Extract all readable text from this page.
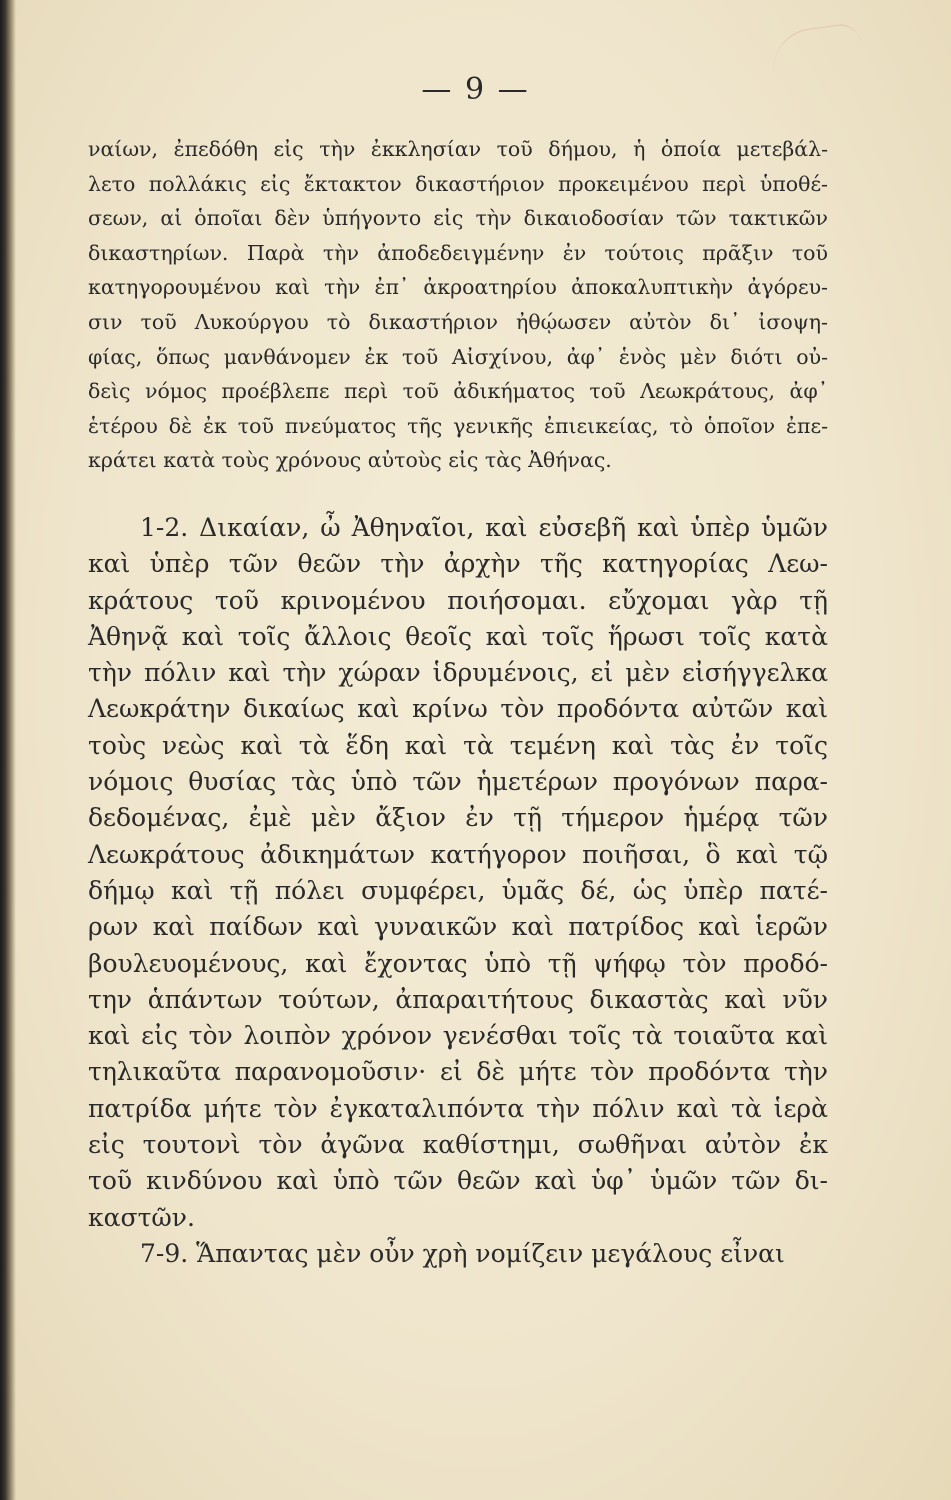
— 9 —
ναίων, ἐπεδόθη εἰς τὴν ἐκκλησίαν τοῦ δήμου, ἡ ὁποία μετεβάλ-
λετο πολλάκις εἰς ἔκτακτον δικαστήριον προκειμένου περὶ ὑποθέ-
σεων, αἱ ὁποῖαι δὲν ὑπήγοντο εἰς τὴν δικαιοδοσίαν τῶν τακτικῶν
δικαστηρίων. Παρὰ τὴν ἀποδεδειγμένην ἐν τούτοις πρᾶξιν τοῦ
κατηγορουμένου καὶ τὴν ἐπ᾽ ἀκροατηρίου ἀποκαλυπτικὴν ἀγόρευ-
σιν τοῦ Λυκούργου τὸ δικαστήριον ἠθῴωσεν αὐτὸν δι᾽ ἰσοψη-
φίας, ὅπως μανθάνομεν ἐκ τοῦ Αἰσχίνου, ἀφ᾽ ἑνὸς μὲν διότι οὐ-
δεὶς νόμος προέβλεπε περὶ τοῦ ἀδικήματος τοῦ Λεωκράτους, ἀφ᾽
ἑτέρου δὲ ἐκ τοῦ πνεύματος τῆς γενικῆς ἐπιεικείας, τὸ ὁποῖον ἐπε-
κράτει κατὰ τοὺς χρόνους αὐτοὺς εἰς τὰς Ἀθήνας.
1-2. Δικαίαν, ὦ Ἀθηναῖοι, καὶ εὐσεβῆ καὶ ὑπὲρ ὑμῶν
καὶ ὑπὲρ τῶν θεῶν τὴν ἀρχὴν τῆς κατηγορίας Λεω-
κράτους τοῦ κρινομένου ποιήσομαι. εὔχομαι γὰρ τῇ
Ἀθηνᾷ καὶ τοῖς ἄλλοις θεοῖς καὶ τοῖς ἥρωσι τοῖς κατὰ
τὴν πόλιν καὶ τὴν χώραν ἱδρυμένοις, εἰ μὲν εἰσήγγελκα
Λεωκράτην δικαίως καὶ κρίνω τὸν προδόντα αὐτῶν καὶ
τοὺς νεὼς καὶ τὰ ἕδη καὶ τὰ τεμένη καὶ τὰς ἐν τοῖς
νόμοις θυσίας τὰς ὑπὸ τῶν ἡμετέρων προγόνων παρα-
δεδομένας, ἐμὲ μὲν ἄξιον ἐν τῇ τήμερον ἡμέρᾳ τῶν
Λεωκράτους ἀδικημάτων κατήγορον ποιῆσαι, ὃ καὶ τῷ
δήμῳ καὶ τῇ πόλει συμφέρει, ὑμᾶς δέ, ὡς ὑπὲρ πατέ-
ρων καὶ παίδων καὶ γυναικῶν καὶ πατρίδος καὶ ἱερῶν
βουλευομένους, καὶ ἔχοντας ὑπὸ τῇ ψήφῳ τὸν προδό-
την ἁπάντων τούτων, ἀπαραιτήτους δικαστὰς καὶ νῦν
καὶ εἰς τὸν λοιπὸν χρόνον γενέσθαι τοῖς τὰ τοιαῦτα καὶ
τηλικαῦτα παρανομοῦσιν· εἰ δὲ μήτε τὸν προδόντα τὴν
πατρίδα μήτε τὸν ἐγκαταλιπόντα τὴν πόλιν καὶ τὰ ἱερὰ
εἰς τουτονὶ τὸν ἀγῶνα καθίστημι, σωθῆναι αὐτὸν ἐκ
τοῦ κινδύνου καὶ ὑπὸ τῶν θεῶν καὶ ὑφ᾽ ὑμῶν τῶν δι-
καστῶν.
7-9. Ἅπαντας μὲν οὖν χρὴ νομίζειν μεγάλους εἶναι
